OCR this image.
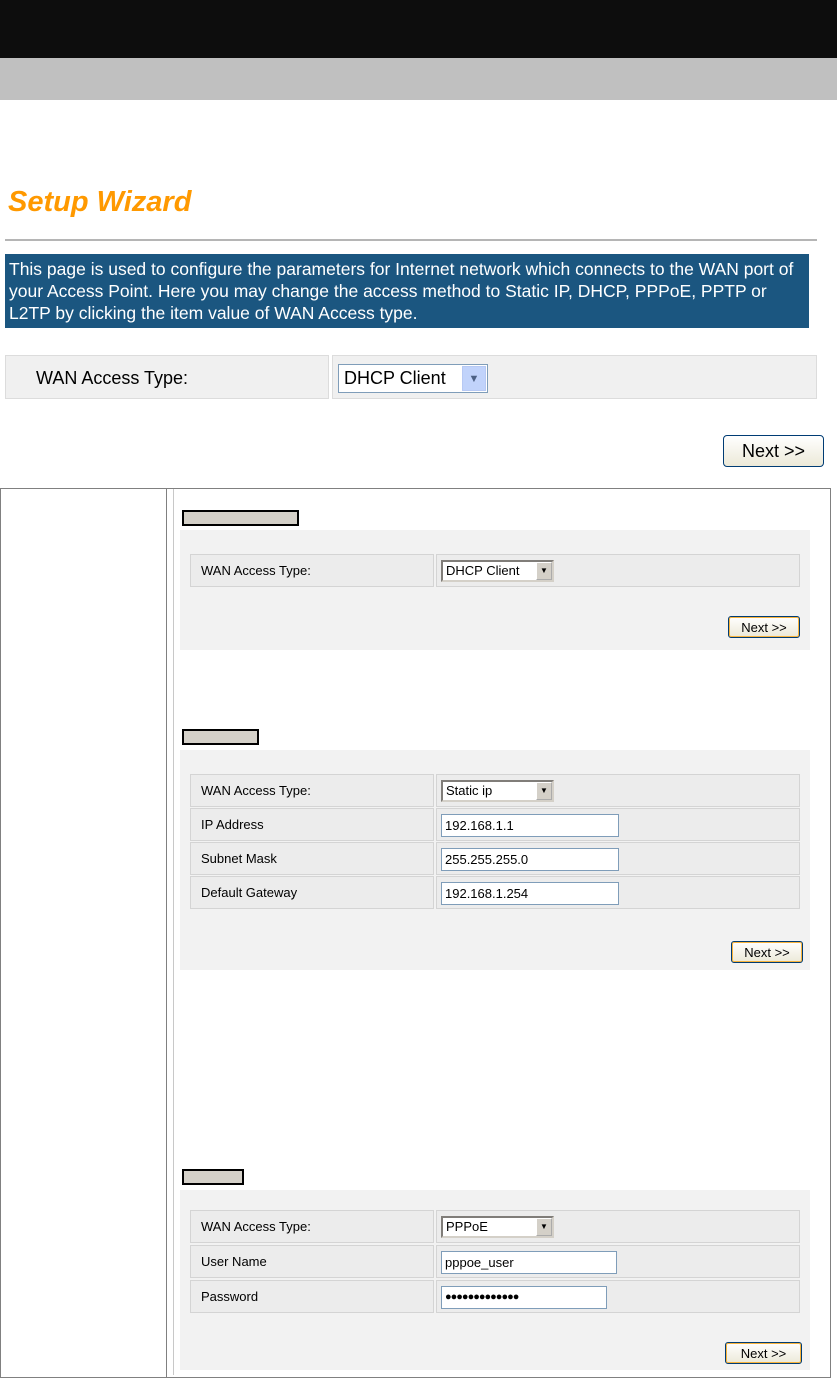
Setup Wizard
This page is used to configure the parameters for Internet network which connects to the WAN port of your Access Point. Here you may change the access method to Static IP, DHCP, PPPoE, PPTP or L2TP by clicking the item value of WAN Access type.
WAN Access Type:	DHCP Client	▼
Next >>
WAN Access Type:	DHCP Client	▼
Next >>
WAN Access Type:	Static ip	▼
IP Address	192.168.1.1
Subnet Mask	255.255.255.0
Default Gateway	192.168.1.254
Next >>
WAN Access Type:	PPPoE	▼
User Name	pppoe_user
Password	●●●●●●●●●●●●●
Next >>
